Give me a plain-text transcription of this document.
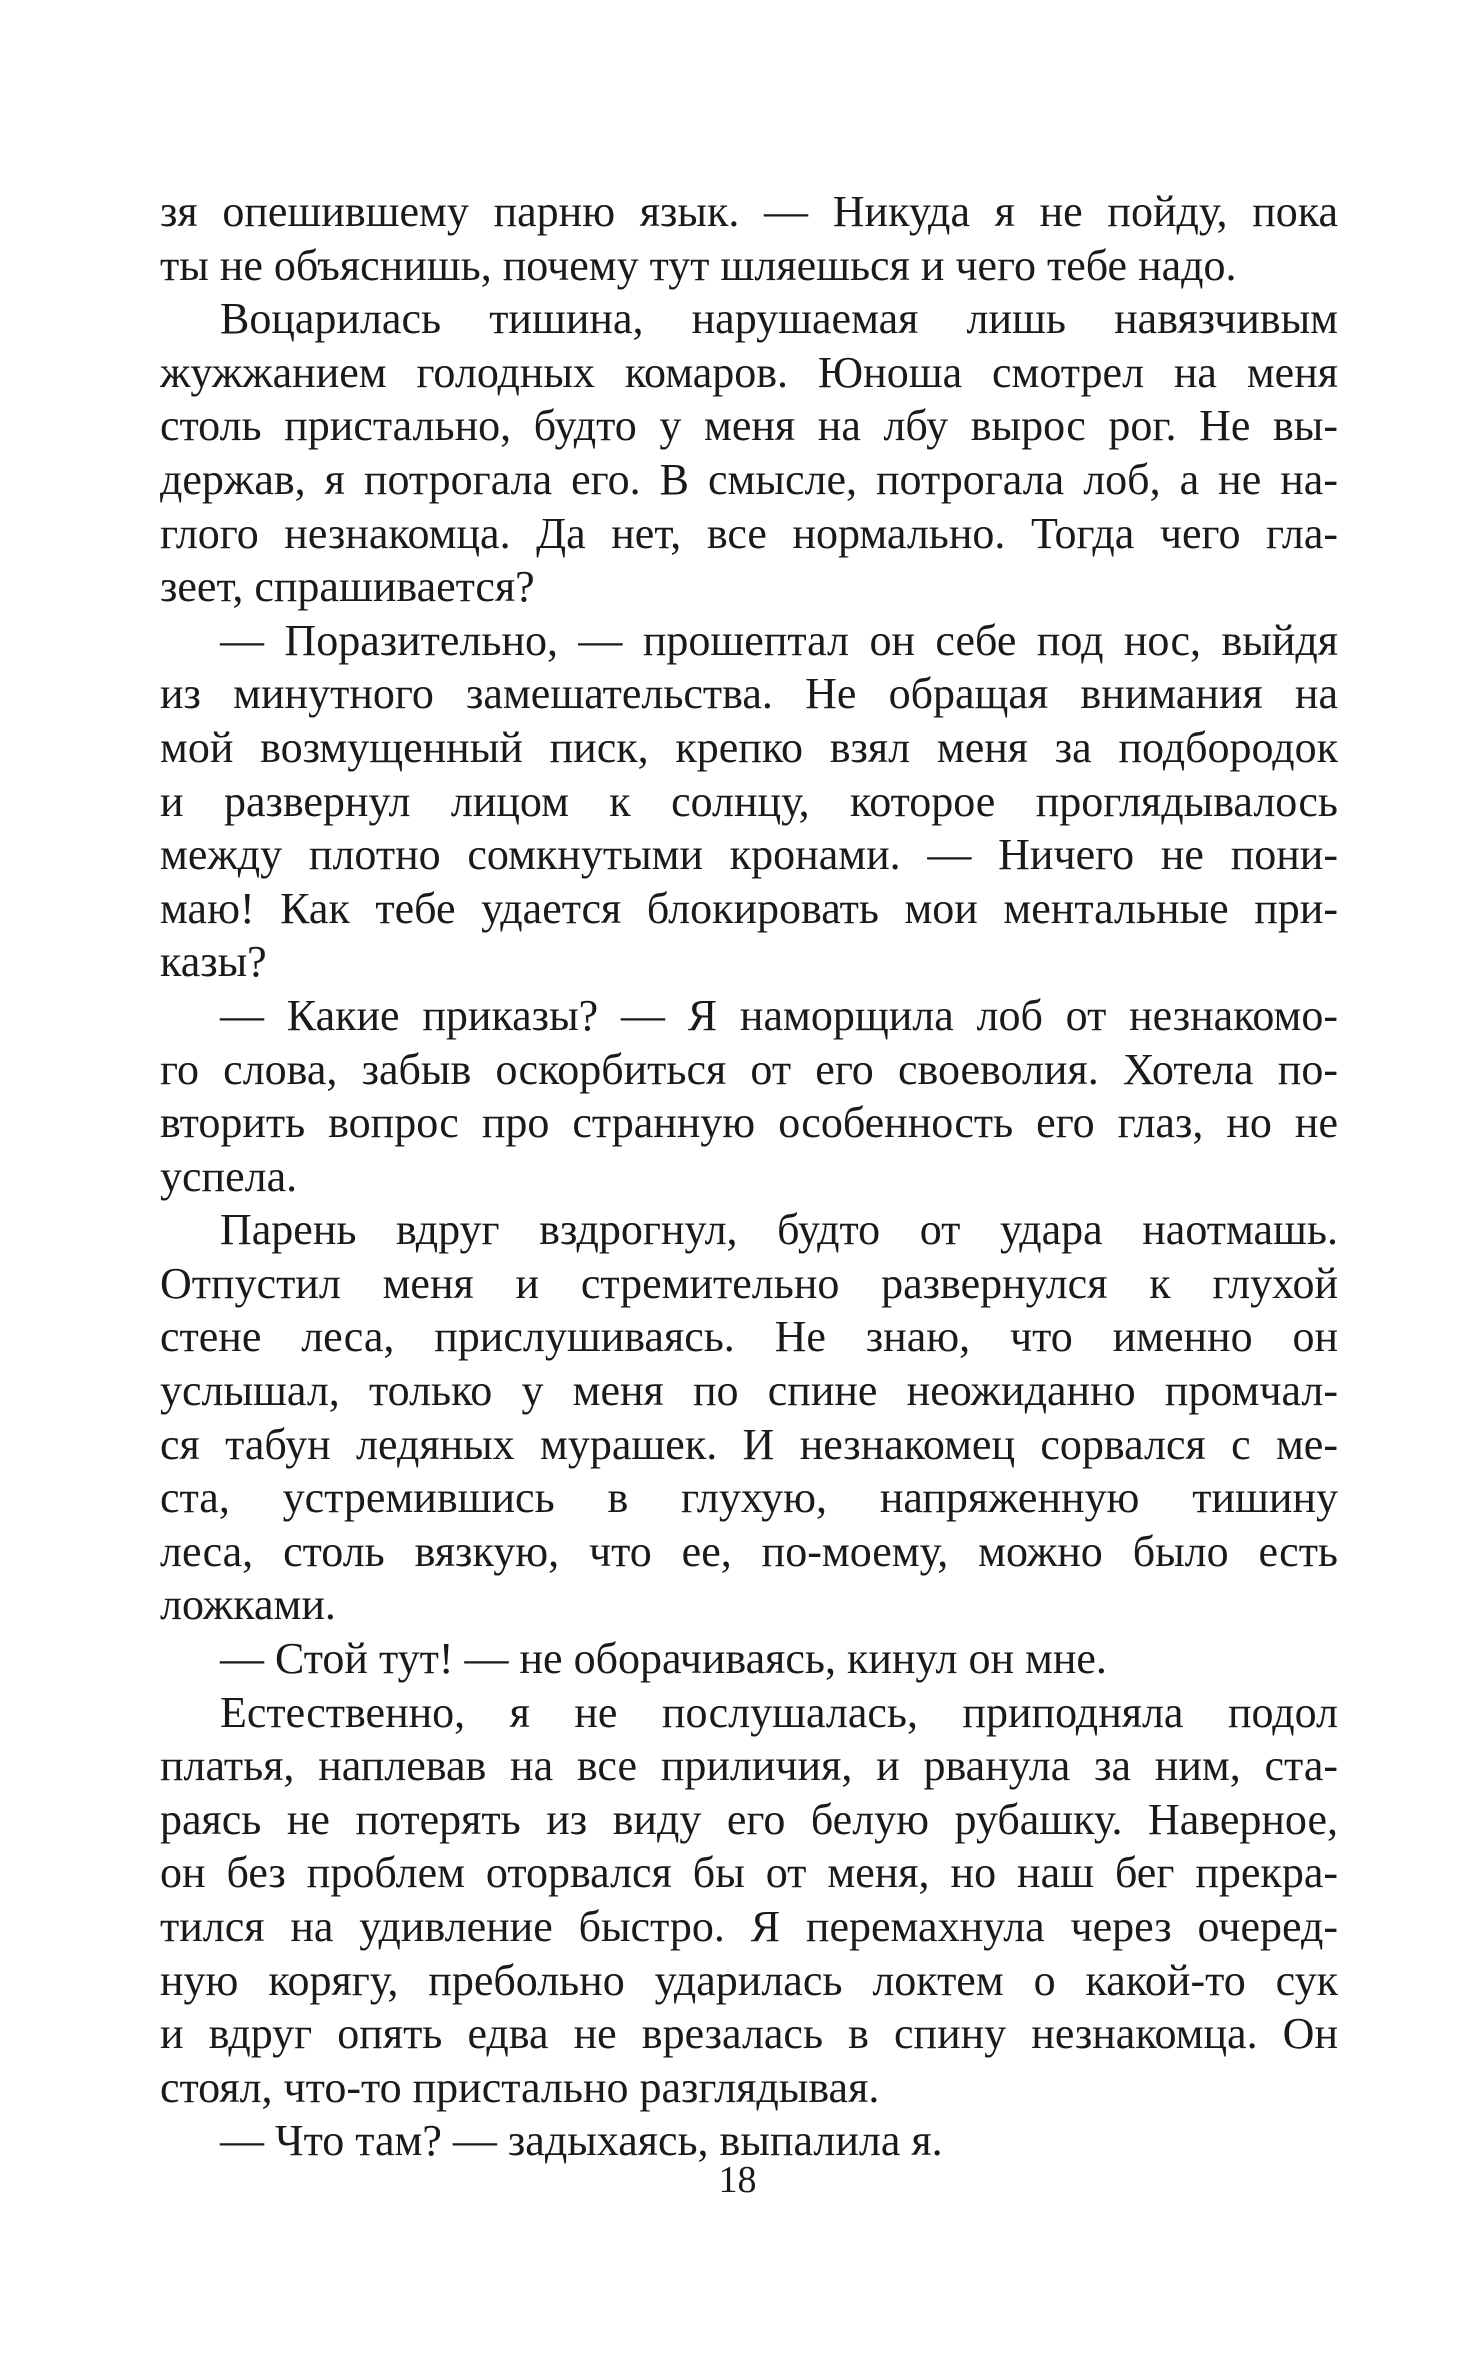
зя опешившему парню язык. — Никуда я не пойду, пока
ты не объяснишь, почему тут шляешься и чего тебе надо.
Воцарилась тишина, нарушаемая лишь навязчивым
жужжанием голодных комаров. Юноша смотрел на меня
столь пристально, будто у меня на лбу вырос рог. Не вы-
держав, я потрогала его. В смысле, потрогала лоб, а не на-
глого незнакомца. Да нет, все нормально. Тогда чего гла-
зеет, спрашивается?
— Поразительно, — прошептал он себе под нос, выйдя
из минутного замешательства. Не обращая внимания на
мой возмущенный писк, крепко взял меня за подбородок
и развернул лицом к солнцу, которое проглядывалось
между плотно сомкнутыми кронами. — Ничего не пони-
маю! Как тебе удается блокировать мои ментальные при-
казы?
— Какие приказы? — Я наморщила лоб от незнакомо-
го слова, забыв оскорбиться от его своеволия. Хотела по-
вторить вопрос про странную особенность его глаз, но не
успела.
Парень вдруг вздрогнул, будто от удара наотмашь.
Отпустил меня и стремительно развернулся к глухой
стене леса, прислушиваясь. Не знаю, что именно он
услышал, только у меня по спине неожиданно промчал-
ся табун ледяных мурашек. И незнакомец сорвался с ме-
ста, устремившись в глухую, напряженную тишину
леса, столь вязкую, что ее, по-моему, можно было есть
ложками.
— Стой тут! — не оборачиваясь, кинул он мне.
Естественно, я не послушалась, приподняла подол
платья, наплевав на все приличия, и рванула за ним, ста-
раясь не потерять из виду его белую рубашку. Наверное,
он без проблем оторвался бы от меня, но наш бег прекра-
тился на удивление быстро. Я перемахнула через очеред-
ную корягу, пребольно ударилась локтем о какой-то сук
и вдруг опять едва не врезалась в спину незнакомца. Он
стоял, что-то пристально разглядывая.
— Что там? — задыхаясь, выпалила я.
18
